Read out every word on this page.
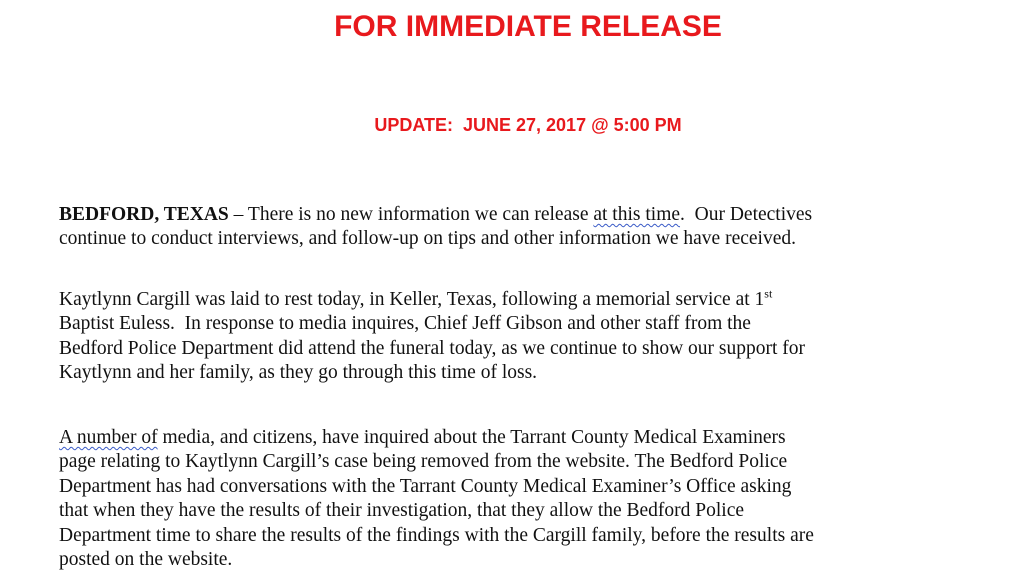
FOR IMMEDIATE RELEASE

UPDATE:  JUNE 27, 2017 @ 5:00 PM

BEDFORD, TEXAS – There is no new information we can release at this time.  Our Detectives
continue to conduct interviews, and follow-up on tips and other information we have received.

Kaytlynn Cargill was laid to rest today, in Keller, Texas, following a memorial service at 1st
Baptist Euless.  In response to media inquires, Chief Jeff Gibson and other staff from the
Bedford Police Department did attend the funeral today, as we continue to show our support for
Kaytlynn and her family, as they go through this time of loss.

A number of media, and citizens, have inquired about the Tarrant County Medical Examiners
page relating to Kaytlynn Cargill’s case being removed from the website. The Bedford Police
Department has had conversations with the Tarrant County Medical Examiner’s Office asking
that when they have the results of their investigation, that they allow the Bedford Police
Department time to share the results of the findings with the Cargill family, before the results are
posted on the website.
